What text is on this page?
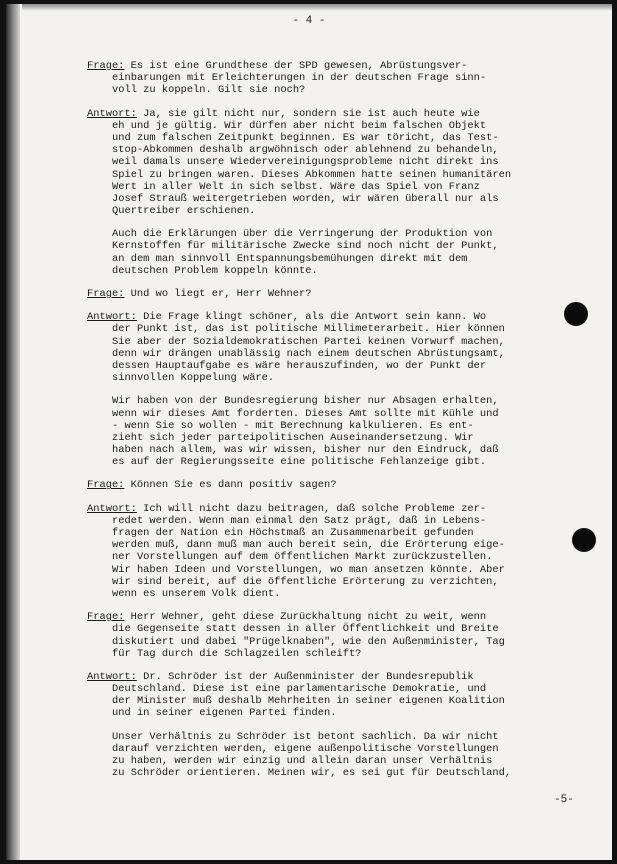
- 4 -
Frage: Es ist eine Grundthese der SPD gewesen, Abrüstungsver-
einbarungen mit Erleichterungen in der deutschen Frage sinn-
voll zu koppeln. Gilt sie noch?
Antwort: Ja, sie gilt nicht nur, sondern sie ist auch heute wie
eh und je gültig. Wir dürfen aber nicht beim falschen Objekt
und zum falschen Zeitpunkt beginnen. Es war töricht, das Test-
stop-Abkommen deshalb argwöhnisch oder ablehnend zu behandeln,
weil damals unsere Wiedervereinigungsprobleme nicht direkt ins
Spiel zu bringen waren. Dieses Abkommen hatte seinen humanitären
Wert in aller Welt in sich selbst. Wäre das Spiel von Franz
Josef Strauß weitergetrieben worden, wir wären überall nur als
Quertreiber erschienen.
Auch die Erklärungen über die Verringerung der Produktion von
Kernstoffen für militärische Zwecke sind noch nicht der Punkt,
an dem man sinnvoll Entspannungsbemühungen direkt mit dem
deutschen Problem koppeln könnte.
Frage: Und wo liegt er, Herr Wehner?
Antwort: Die Frage klingt schöner, als die Antwort sein kann. Wo
der Punkt ist, das ist politische Millimeterarbeit. Hier können
Sie aber der Sozialdemokratischen Partei keinen Vorwurf machen,
denn wir drängen unablässig nach einem deutschen Abrüstungsamt,
dessen Hauptaufgabe es wäre herauszufinden, wo der Punkt der
sinnvollen Koppelung wäre.
Wir haben von der Bundesregierung bisher nur Absagen erhalten,
wenn wir dieses Amt forderten. Dieses Amt sollte mit Kühle und
- wenn Sie so wollen - mit Berechnung kalkulieren. Es ent-
zieht sich jeder parteipolitischen Auseinandersetzung. Wir
haben nach allem, was wir wissen, bisher nur den Eindruck, daß
es auf der Regierungsseite eine politische Fehlanzeige gibt.
Frage: Können Sie es dann positiv sagen?
Antwort: Ich will nicht dazu beitragen, daß solche Probleme zer-
redet werden. Wenn man einmal den Satz prägt, daß in Lebens-
fragen der Nation ein Höchstmaß an Zusammenarbeit gefunden
werden muß, dann muß man auch bereit sein, die Erörterung eige-
ner Vorstellungen auf dem öffentlichen Markt zurückzustellen.
Wir haben Ideen und Vorstellungen, wo man ansetzen könnte. Aber
wir sind bereit, auf die öffentliche Erörterung zu verzichten,
wenn es unserem Volk dient.
Frage: Herr Wehner, geht diese Zurückhaltung nicht zu weit, wenn
die Gegenseite statt dessen in aller Öffentlichkeit und Breite
diskutiert und dabei "Prügelknaben", wie den Außenminister, Tag
für Tag durch die Schlagzeilen schleift?
Antwort: Dr. Schröder ist der Außenminister der Bundesrepublik
Deutschland. Diese ist eine parlamentarische Demokratie, und
der Minister muß deshalb Mehrheiten in seiner eigenen Koalition
und in seiner eigenen Partei finden.
Unser Verhältnis zu Schröder ist betont sachlich. Da wir nicht
darauf verzichten werden, eigene außenpolitische Vorstellungen
zu haben, werden wir einzig und allein daran unser Verhältnis
zu Schröder orientieren. Meinen wir, es sei gut für Deutschland,
-5-
